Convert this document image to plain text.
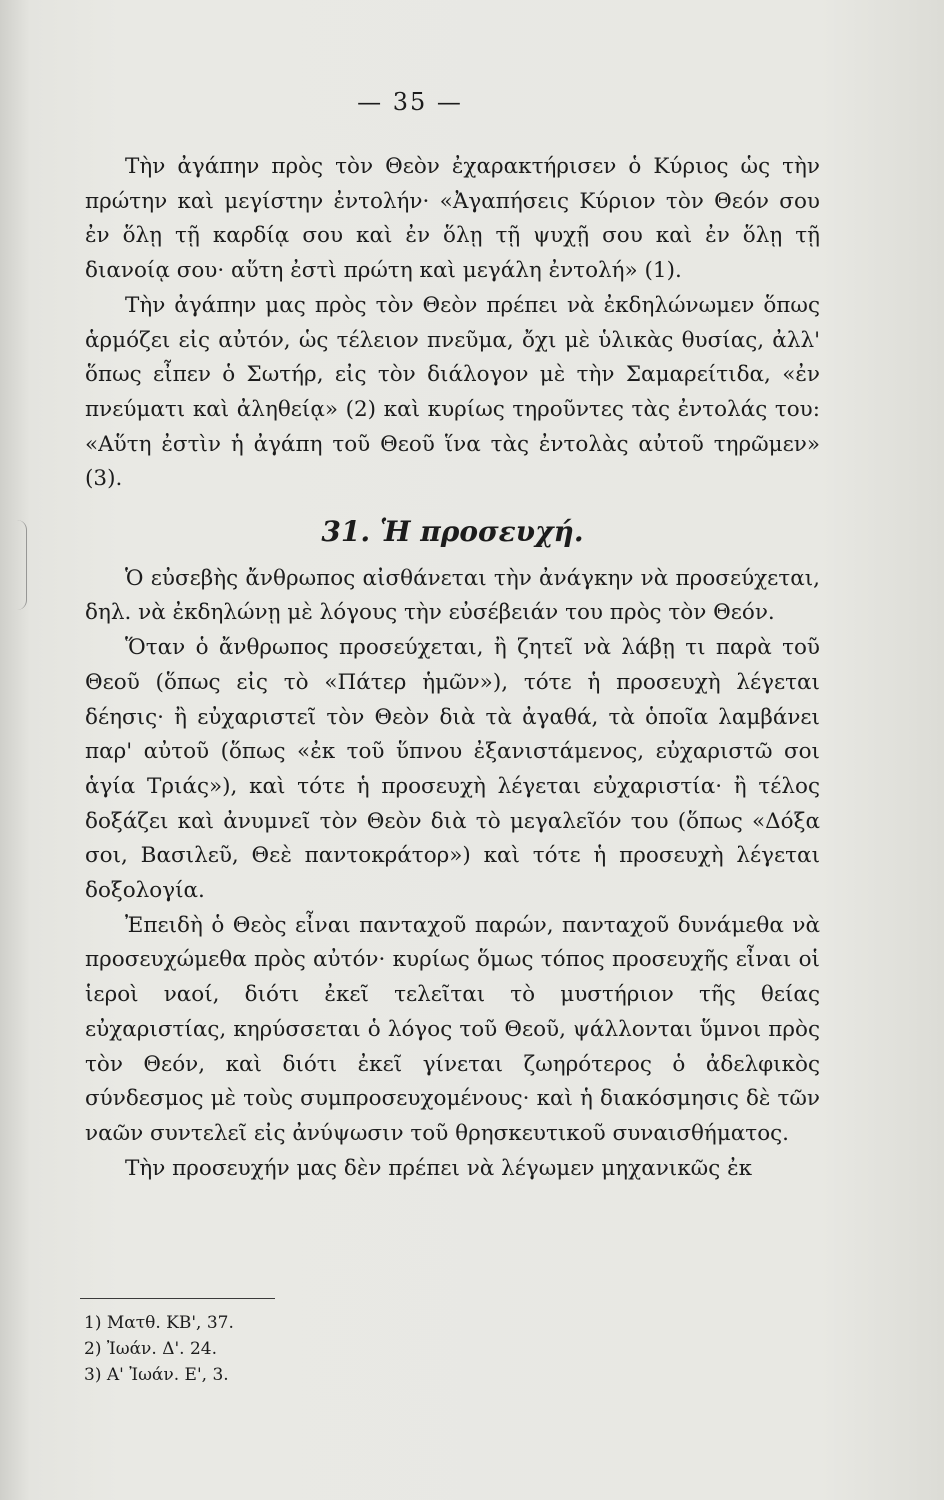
— 35 —

Τὴν ἀγάπην πρὸς τὸν Θεὸν ἐχαρακτήρισεν ὁ Κύριος ὡς τὴν πρώτην καὶ μεγίστην ἐντολήν· «Ἀγαπήσεις Κύριον τὸν Θεόν σου ἐν ὅλῃ τῇ καρδίᾳ σου καὶ ἐν ὅλῃ τῇ ψυχῇ σου καὶ ἐν ὅλῃ τῇ διανοίᾳ σου· αὕτη ἐστὶ πρώτη καὶ μεγάλη ἐντολή» (1).

Τὴν ἀγάπην μας πρὸς τὸν Θεὸν πρέπει νὰ ἐκδηλώνωμεν ὅπως ἁρμόζει εἰς αὐτόν, ὡς τέλειον πνεῦμα, ὄχι μὲ ὑλικὰς θυσίας, ἀλλ' ὅπως εἶπεν ὁ Σωτήρ, εἰς τὸν διάλογον μὲ τὴν Σαμαρείτιδα, «ἐν πνεύματι καὶ ἀληθείᾳ» (2) καὶ κυρίως τηροῦντες τὰς ἐντολάς του: «Αὕτη ἐστὶν ἡ ἀγάπη τοῦ Θεοῦ ἵνα τὰς ἐντολὰς αὐτοῦ τηρῶμεν» (3).

31. Ἡ προσευχή.

Ὁ εὐσεβὴς ἄνθρωπος αἰσθάνεται τὴν ἀνάγκην νὰ προσεύχεται, δηλ. νὰ ἐκδηλώνῃ μὲ λόγους τὴν εὐσέβειάν του πρὸς τὸν Θεόν.

Ὅταν ὁ ἄνθρωπος προσεύχεται, ἢ ζητεῖ νὰ λάβῃ τι παρὰ τοῦ Θεοῦ (ὅπως εἰς τὸ «Πάτερ ἡμῶν»), τότε ἡ προσευχὴ λέγεται δέησις· ἢ εὐχαριστεῖ τὸν Θεὸν διὰ τὰ ἀγαθά, τὰ ὁποῖα λαμβάνει παρ' αὐτοῦ (ὅπως «ἐκ τοῦ ὕπνου ἐξανιστάμενος, εὐχαριστῶ σοι ἁγία Τριάς»), καὶ τότε ἡ προσευχὴ λέγεται εὐχαριστία· ἢ τέλος δοξάζει καὶ ἀνυμνεῖ τὸν Θεὸν διὰ τὸ μεγαλεῖόν του (ὅπως «Δόξα σοι, Βασιλεῦ, Θεὲ παντοκράτορ») καὶ τότε ἡ προσευχὴ λέγεται δοξολογία.

Ἐπειδὴ ὁ Θεὸς εἶναι πανταχοῦ παρών, πανταχοῦ δυνάμεθα νὰ προσευχώμεθα πρὸς αὐτόν· κυρίως ὅμως τόπος προσευχῆς εἶναι οἱ ἱεροὶ ναοί, διότι ἐκεῖ τελεῖται τὸ μυστήριον τῆς θείας εὐχαριστίας, κηρύσσεται ὁ λόγος τοῦ Θεοῦ, ψάλλονται ὕμνοι πρὸς τὸν Θεόν, καὶ διότι ἐκεῖ γίνεται ζωηρότερος ὁ ἀδελφικὸς σύνδεσμος μὲ τοὺς συμπροσευχομένους· καὶ ἡ διακόσμησις δὲ τῶν ναῶν συντελεῖ εἰς ἀνύψωσιν τοῦ θρησκευτικοῦ συναισθήματος.

Τὴν προσευχήν μας δὲν πρέπει νὰ λέγωμεν μηχανικῶς ἐκ

1) Ματθ. ΚΒ', 37.
2) Ἰωάν. Δ'. 24.
3) Α' Ἰωάν. Ε', 3.
